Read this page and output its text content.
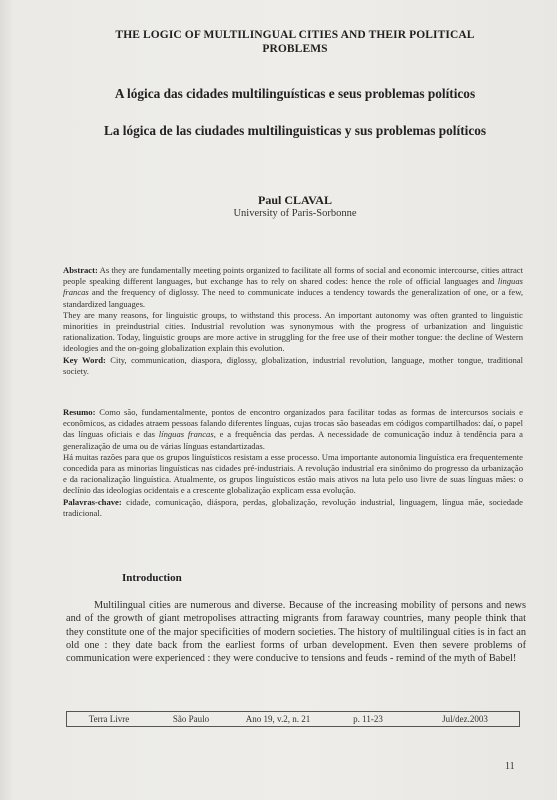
THE LOGIC OF MULTILINGUAL CITIES AND THEIR POLITICAL
PROBLEMS
A lógica das cidades multilinguísticas e seus problemas políticos
La lógica de las ciudades multilinguisticas y sus problemas políticos
Paul CLAVAL
University of Paris-Sorbonne

Abstract: As they are fundamentally meeting points organized to facilitate all forms of social and economic intercourse, cities attract people speaking different languages, but exchange has to rely on shared codes: hence the role of official languages and linguas francas and the frequency of diglossy. The need to communicate induces a tendency towards the generalization of one, or a few, standardized languages.

They are many reasons, for linguistic groups, to withstand this process. An important autonomy was often granted to linguistic minorities in preindustrial cities. Industrial revolution was synonymous with the progress of urbanization and linguistic rationalization. Today, linguistic groups are more active in struggling for the free use of their mother tongue: the decline of Western ideologies and the on-going globalization explain this evolution.

Key Word: City, communication, diaspora, diglossy, globalization, industrial revolution, language, mother tongue, traditional society.

Resumo: Como são, fundamentalmente, pontos de encontro organizados para facilitar todas as formas de intercursos sociais e econômicos, as cidades atraem pessoas falando diferentes línguas, cujas trocas são baseadas em códigos compartilhados: daí, o papel das línguas oficiais e das línguas francas, e a frequência das perdas. A necessidade de comunicação induz à tendência para a generalização de uma ou de várias línguas estandartizadas.

Há muitas razões para que os grupos linguísticos resistam a esse processo. Uma importante autonomia linguística era frequentemente concedida para as minorias linguísticas nas cidades pré-industriais. A revolução industrial era sinônimo do progresso da urbanização e da racionalização linguística. Atualmente, os grupos linguísticos estão mais ativos na luta pelo uso livre de suas línguas mães: o declínio das ideologias ocidentais e a crescente globalização explicam essa evolução.

Palavras-chave: cidade, comunicação, diáspora, perdas, globalização, revolução industrial, linguagem, língua mãe, sociedade tradicional.

Introduction
Multilingual cities are numerous and diverse. Because of the increasing mobility of persons and news and of the growth of giant metropolises attracting migrants from faraway countries, many people think that they constitute one of the major specificities of modern societies. The history of multilingual cities is in fact an old one : they date back from the earliest forms of urban development. Even then severe problems of communication were experienced : they were conducive to tensions and feuds - remind of the myth of Babel!
Terra Livre	São Paulo	Ano 19, v.2, n. 21	p. 11-23	Jul/dez.2003
11
